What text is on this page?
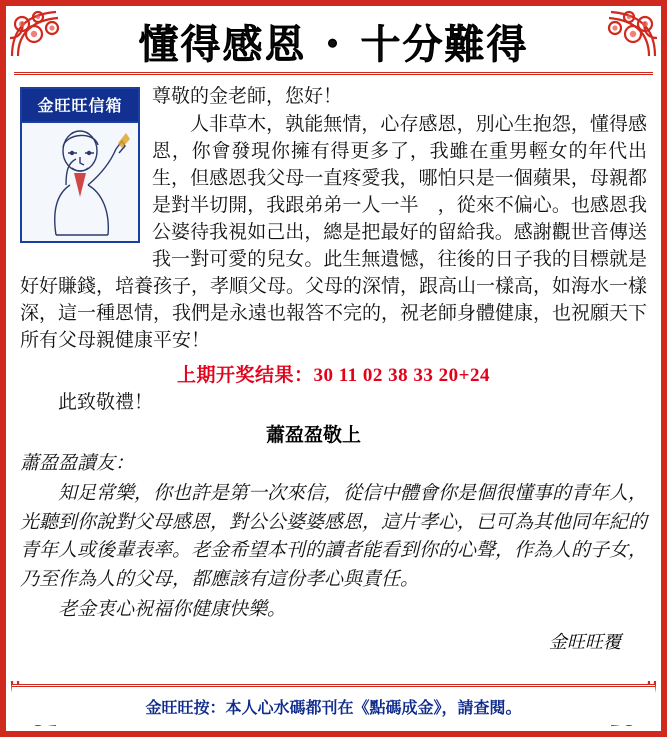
懂得感恩 ・ 十分難得
金旺旺信箱	尊敬的金老師，您好！

人非草木，孰能無情，心存感恩，別心生抱怨，懂得感恩，你會發現你擁有得更多了，我雖在重男輕女的年代出生，但感恩我父母一直疼愛我，哪怕只是一個蘋果，母親都是對半切開，我跟弟弟一人一半　，從來不偏心。也感恩我公婆待我視如己出，總是把最好的留給我。感謝觀世音傳送我一對可愛的兒女。此生無遺憾，往後的日子我的目標就是好好賺錢，培養孩子，孝順父母。父母的深情，跟高山一樣高，如海水一樣深，這一種恩情，我們是永遠也報答不完的，祝老師身體健康，也祝願天下所有父母親健康平安！

上期开奖结果：30 11 02 38 33 20+24

此致敬禮！

蕭盈盈敬上

蕭盈盈讀友：

知足常樂，你也許是第一次來信，從信中體會你是個很懂事的青年人，光聽到你說對父母感恩，對公公婆婆感恩，這片孝心，已可為其他同年紀的青年人或後輩表率。老金希望本刊的讀者能看到你的心聲，作為人的子女，乃至作為人的父母，都應該有這份孝心與責任。

老金衷心祝福你健康快樂。

金旺旺覆
金旺旺按：本人心水碼都刊在《點碼成金》，請查閱。
